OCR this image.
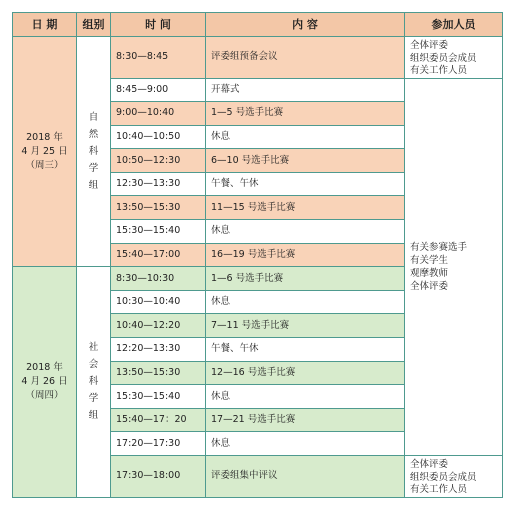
日 期	组别	时 间	内 容	参加人员

2018 年
4 月 25 日
（周三）	自
然
科
学
组	8:30—8:45	评委组预备会议	全体评委
组织委员会成员
有关工作人员

		8:45—9:00	开幕式	有关参赛选手
有关学生
观摩教师
全体评委

		9:00—10:40	1—5 号选手比赛	
		10:40—10:50	休息	
		10:50—12:30	6—10 号选手比赛	
		12:30—13:30	午餐、午休	
		13:50—15:30	11—15 号选手比赛	
		15:30—15:40	休息	
		15:40—17:00	16—19 号选手比赛	

2018 年
4 月 26 日
（周四）	社
会
科
学
组	8:30—10:30	1—6 号选手比赛	
		10:30—10:40	休息	
		10:40—12:20	7—11 号选手比赛	
		12:20—13:30	午餐、午休	
		13:50—15:30	12—16 号选手比赛	
		15:30—15:40	休息	
		15:40—17：20	17—21 号选手比赛	
		17:20—17:30	休息	
		17:30—18:00	评委组集中评议	全体评委
组织委员会成员
有关工作人员
